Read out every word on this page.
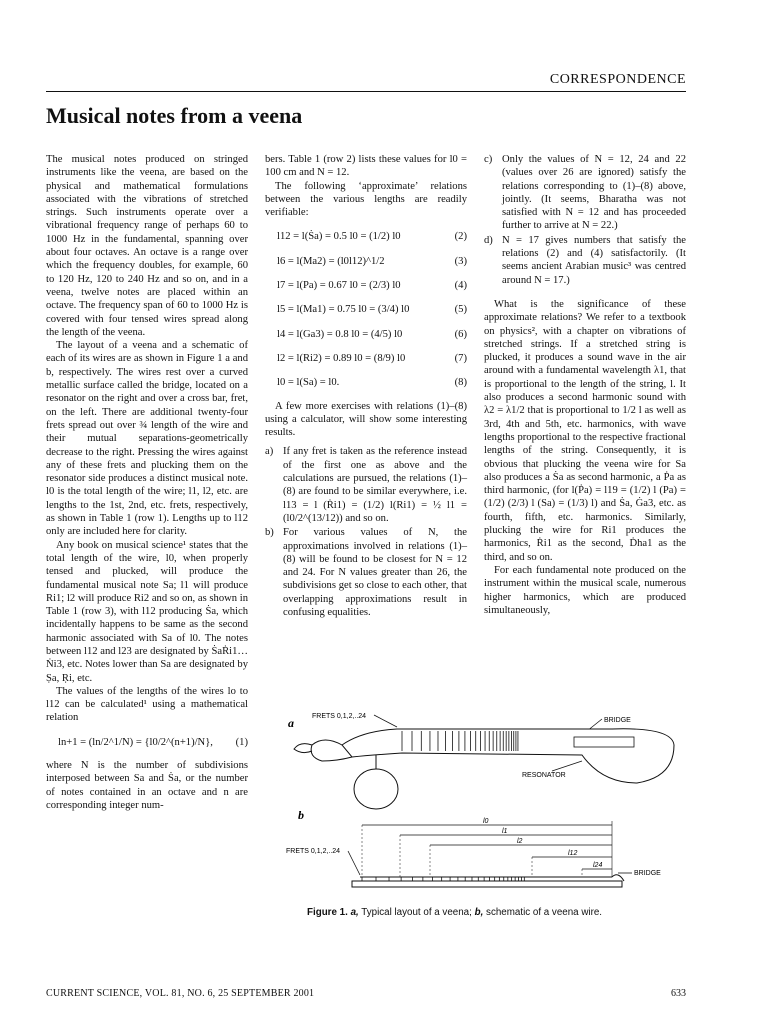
CORRESPONDENCE
Musical notes from a veena

The musical notes produced on stringed instruments like the veena, are based on the physical and mathematical formulations associated with the vibrations of stretched strings. Such instruments operate over a vibrational frequency range of perhaps 60 to 1000 Hz in the fundamental, spanning over about four octaves. An octave is a range over which the frequency doubles, for example, 60 to 120 Hz, 120 to 240 Hz and so on, and in a veena, twelve notes are placed within an octave. The frequency span of 60 to 1000 Hz is covered with four tensed wires spread along the length of the veena.

The layout of a veena and a schematic of each of its wires are as shown in Figure 1 a and b, respectively. The wires rest over a curved metallic surface called the bridge, located on a resonator on the right and over a cross bar, fret, on the left. There are additional twenty-four frets spread out over ¾ length of the wire and their mutual separations-geometrically decrease to the right. Pressing the wires against any of these frets and plucking them on the resonator side produces a distinct musical note. l0 is the total length of the wire; l1, l2, etc. are lengths to the 1st, 2nd, etc. frets, respectively, as shown in Table 1 (row 1). Lengths up to l12 only are included here for clarity.

Any book on musical science¹ states that the total length of the wire, l0, when properly tensed and plucked, will produce the fundamental musical note Sa; l1 will produce Ri1; l2 will produce Ri2 and so on, as shown in Table 1 (row 3), with l12 producing Ṡa, which incidentally happens to be same as the second harmonic associated with Sa of l0. The notes between l12 and l23 are designated by ṠaṘi1…Ṅi3, etc. Notes lower than Sa are designated by Ṣa, Ṛi, etc.

The values of the lengths of the wires lo to l12 can be calculated¹ using a mathematical relation

ln+1 = (ln/2^1/N) = {l0/2^(n+1)/N}, (1)

where N is the number of subdivisions interposed between Sa and Ṡa, or the number of notes contained in an octave and n are corresponding integer num-

bers. Table 1 (row 2) lists these values for l0 = 100 cm and N = 12.

The following ‘approximate’ relations between the various lengths are readily verifiable:

l12 = l(Ṡa) = 0.5 l0 = (1/2) l0	(2)
l6 = l(Ma2) = (l0l12)^1/2	(3)
l7 = l(Pa) = 0.67 l0 = (2/3) l0	(4)
l5 = l(Ma1) = 0.75 l0 = (3/4) l0	(5)
l4 = l(Ga3) = 0.8 l0 = (4/5) l0	(6)
l2 = l(Ri2) = 0.89 l0 = (8/9) l0	(7)
l0 = l(Sa) = l0.	(8)

A few more exercises with relations (1)–(8) using a calculator, will show some interesting results.

a) If any fret is taken as the reference instead of the first one as above and the calculations are pursued, the relations (1)–(8) are found to be similar everywhere, i.e. l13 = l (Ṙi1) = (1/2) l(Ri1) = ½ l1 = (l0/2^(13/12)) and so on.
b) For various values of N, the approximations involved in relations (1)–(8) will be found to be closest for N = 12 and 24. For N values greater than 26, the subdivisions get so close to each other, that overlapping approximations result in confusing equalities.
c) Only the values of N = 12, 24 and 22 (values over 26 are ignored) satisfy the relations corresponding to (1)–(8) above, jointly. (It seems, Bharatha was not satisfied with N = 12 and has proceeded further to arrive at N = 22.)
d) N = 17 gives numbers that satisfy the relations (2) and (4) satisfactorily. (It seems ancient Arabian music³ was centred around N = 17.)

What is the significance of these approximate relations? We refer to a textbook on physics², with a chapter on vibrations of stretched strings. If a stretched string is plucked, it produces a sound wave in the air around with a fundamental wavelength λ1, that is proportional to the length of the string, l. It also produces a second harmonic sound with λ2 = λ1/2 that is proportional to 1/2 l as well as 3rd, 4th and 5th, etc. harmonics, with wave lengths proportional to the respective fractional lengths of the string. Consequently, it is obvious that plucking the veena wire for Sa also produces a Ṡa as second harmonic, a Ṗa as third harmonic, (for l(Ṗa) = l19 = (1/2) l (Pa) = (1/2) (2/3) l (Sa) = (1/3) l) and Ṡa, Ġa3, etc. as fourth, fifth, etc. harmonics. Similarly, plucking the wire for Ri1 produces the harmonics, Ṙi1 as the second, Ḋha1 as the third, and so on.

For each fundamental note produced on the instrument within the musical scale, numerous higher harmonics, which are produced simultaneously,

a	FRETS 0,1,2,..24
BRIDGE
RESONATOR
b
FRETS 0,1,2,..24
BRIDGE
l0
l1
l2
l12
l24
Figure 1. a, Typical layout of a veena; b, schematic of a veena wire.
CURRENT SCIENCE, VOL. 81, NO. 6, 25 SEPTEMBER 2001	633
